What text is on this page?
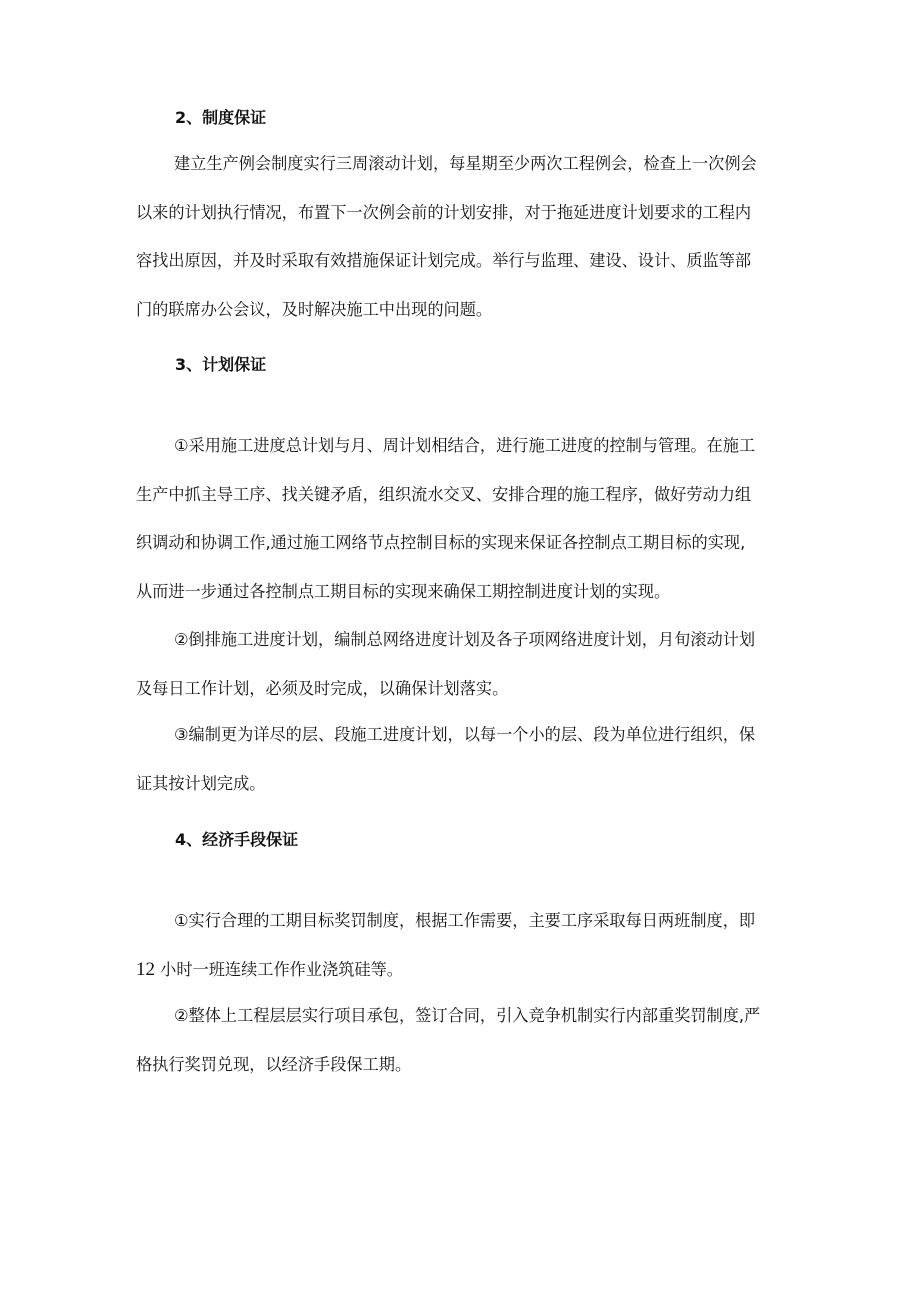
2、制度保证
建立生产例会制度实行三周滚动计划，每星期至少两次工程例会，检查上一次例会
以来的计划执行情况，布置下一次例会前的计划安排，对于拖延进度计划要求的工程内
容找出原因，并及时采取有效措施保证计划完成。举行与监理、建设、设计、质监等部
门的联席办公会议，及时解决施工中出现的问题。
3、计划保证
①采用施工进度总计划与月、周计划相结合，进行施工进度的控制与管理。在施工
生产中抓主导工序、找关键矛盾，组织流水交叉、安排合理的施工程序，做好劳动力组
织调动和协调工作,通过施工网络节点控制目标的实现来保证各控制点工期目标的实现,
从而进一步通过各控制点工期目标的实现来确保工期控制进度计划的实现。
②倒排施工进度计划，编制总网络进度计划及各子项网络进度计划，月旬滚动计划
及每日工作计划，必须及时完成，以确保计划落实。
③编制更为详尽的层、段施工进度计划，以每一个小的层、段为单位进行组织，保
证其按计划完成。
4、经济手段保证
①实行合理的工期目标奖罚制度，根据工作需要，主要工序采取每日两班制度，即
12 小时一班连续工作作业浇筑硅等。
②整体上工程层层实行项目承包，签订合同，引入竞争机制实行内部重奖罚制度,严
格执行奖罚兑现，以经济手段保工期。
